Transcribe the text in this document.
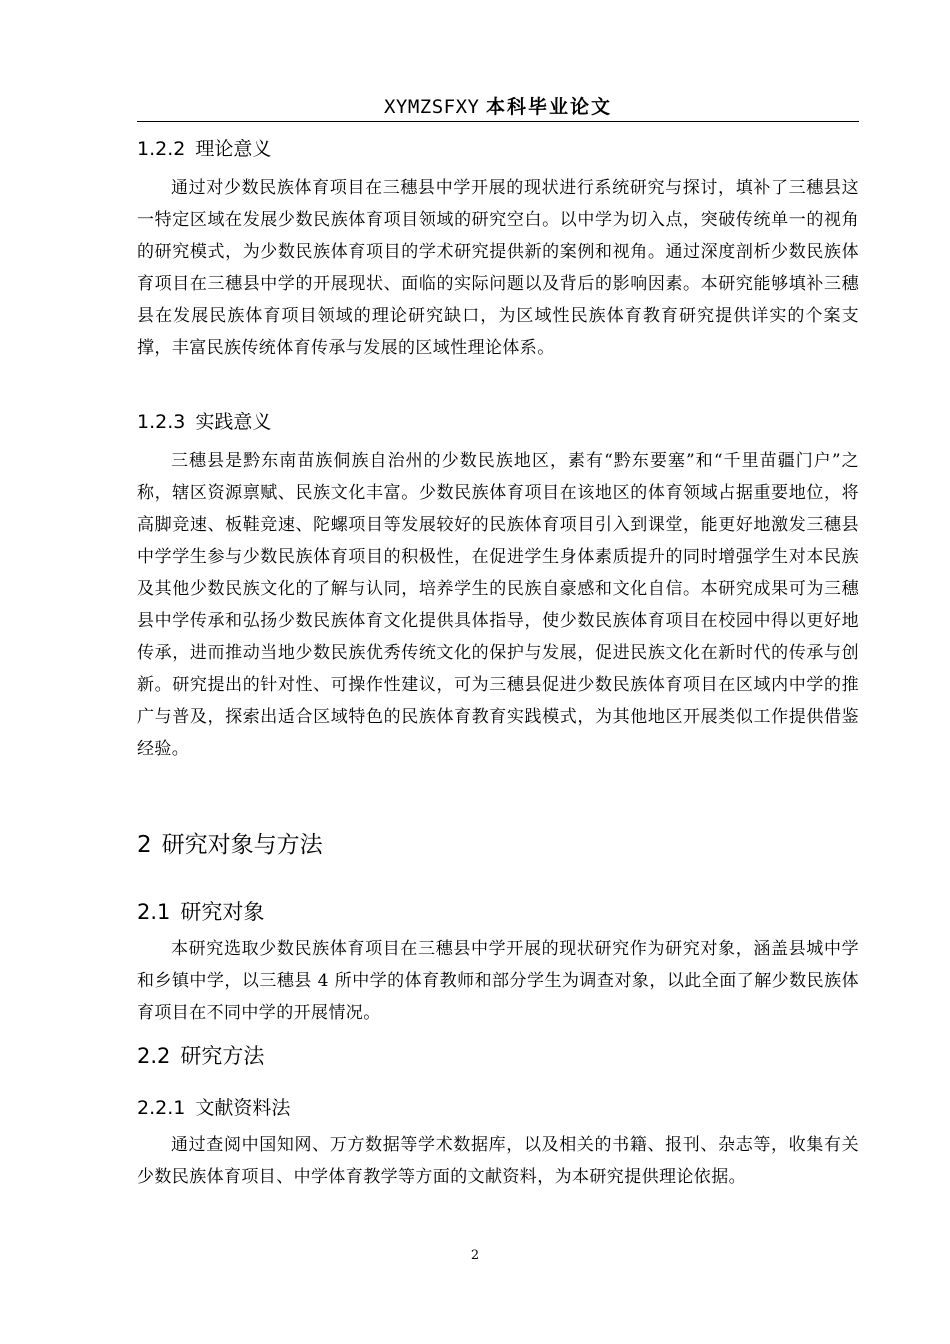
XYMZSFXY 本科毕业论文
1.2.2 理论意义
通过对少数民族体育项目在三穗县中学开展的现状进行系统研究与探讨，填补了三穗县这一特定区域在发展少数民族体育项目领域的研究空白。以中学为切入点，突破传统单一的视角的研究模式，为少数民族体育项目的学术研究提供新的案例和视角。通过深度剖析少数民族体育项目在三穗县中学的开展现状、面临的实际问题以及背后的影响因素。本研究能够填补三穗县在发展民族体育项目领域的理论研究缺口，为区域性民族体育教育研究提供详实的个案支撑，丰富民族传统体育传承与发展的区域性理论体系。
1.2.3 实践意义
三穗县是黔东南苗族侗族自治州的少数民族地区，素有“黔东要塞”和“千里苗疆门户”之称，辖区资源禀赋、民族文化丰富。少数民族体育项目在该地区的体育领域占据重要地位，将高脚竞速、板鞋竞速、陀螺项目等发展较好的民族体育项目引入到课堂，能更好地激发三穗县中学学生参与少数民族体育项目的积极性，在促进学生身体素质提升的同时增强学生对本民族及其他少数民族文化的了解与认同，培养学生的民族自豪感和文化自信。本研究成果可为三穗县中学传承和弘扬少数民族体育文化提供具体指导，使少数民族体育项目在校园中得以更好地传承，进而推动当地少数民族优秀传统文化的保护与发展，促进民族文化在新时代的传承与创新。研究提出的针对性、可操作性建议，可为三穗县促进少数民族体育项目在区域内中学的推广与普及，探索出适合区域特色的民族体育教育实践模式，为其他地区开展类似工作提供借鉴经验。
2 研究对象与方法
2.1 研究对象
本研究选取少数民族体育项目在三穗县中学开展的现状研究作为研究对象，涵盖县城中学和乡镇中学，以三穗县 4 所中学的体育教师和部分学生为调查对象，以此全面了解少数民族体育项目在不同中学的开展情况。
2.2 研究方法
2.2.1 文献资料法
通过查阅中国知网、万方数据等学术数据库，以及相关的书籍、报刊、杂志等，收集有关少数民族体育项目、中学体育教学等方面的文献资料，为本研究提供理论依据。
2
